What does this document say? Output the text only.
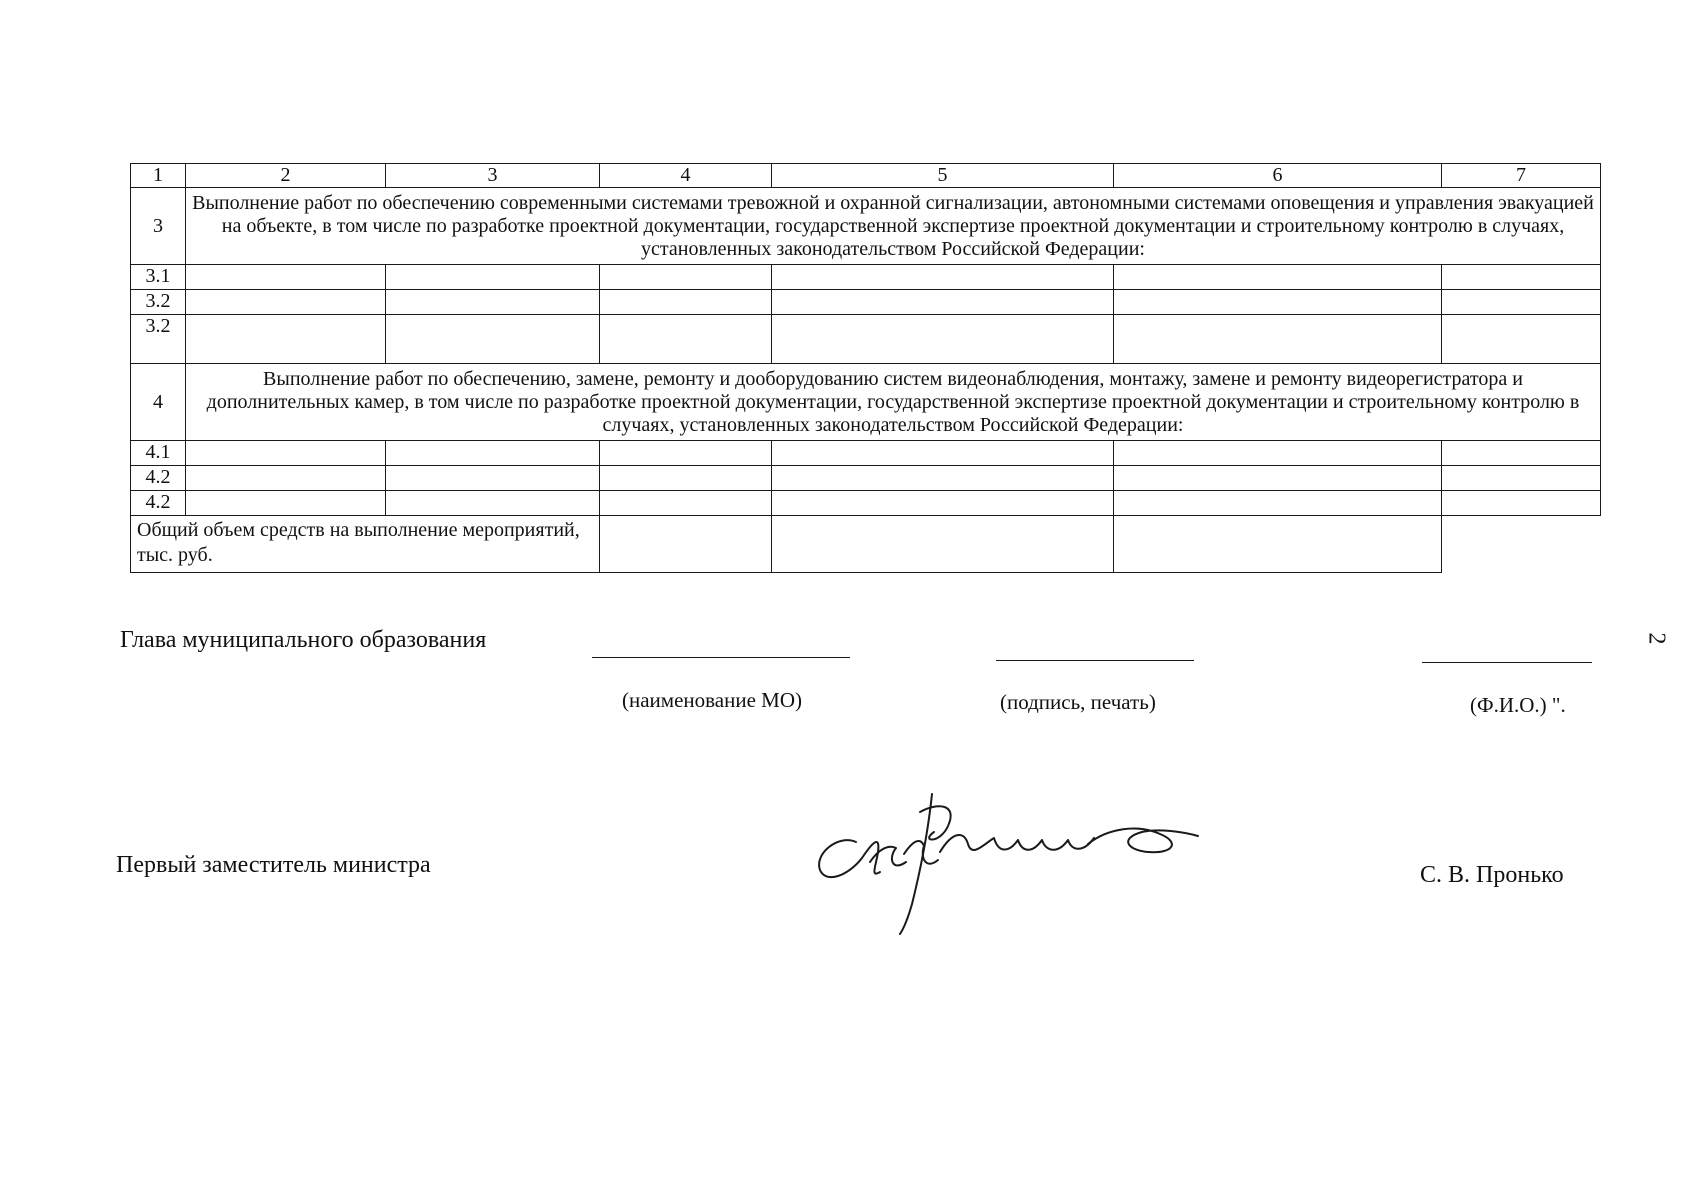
1	2	3	4	5	6	7
3	Выполнение работ по обеспечению современными системами тревожной и охранной сигнализации, автономными системами оповещения и управления эвакуацией на объекте, в том числе по разработке проектной документации, государственной экспертизе проектной документации и строительному контролю в случаях, установленных законодательством Российской Федерации:					
3.1						
3.2						
3.2						
4	Выполнение работ по обеспечению, замене, ремонту и дооборудованию систем видеонаблюдения, монтажу, замене и ремонту видеорегистратора и дополнительных камер, в том числе по разработке проектной документации, государственной экспертизе проектной документации и строительному контролю в случаях, установленных законодательством Российской Федерации:					
4.1						
4.2						
4.2						
Общий объем средств на выполнение мероприятий, тыс. руб.						
Глава муниципального образования
(наименование МО)	(подпись, печать)	(Ф.И.О.) ".
2
Первый заместитель министра	С. В. Пронько
